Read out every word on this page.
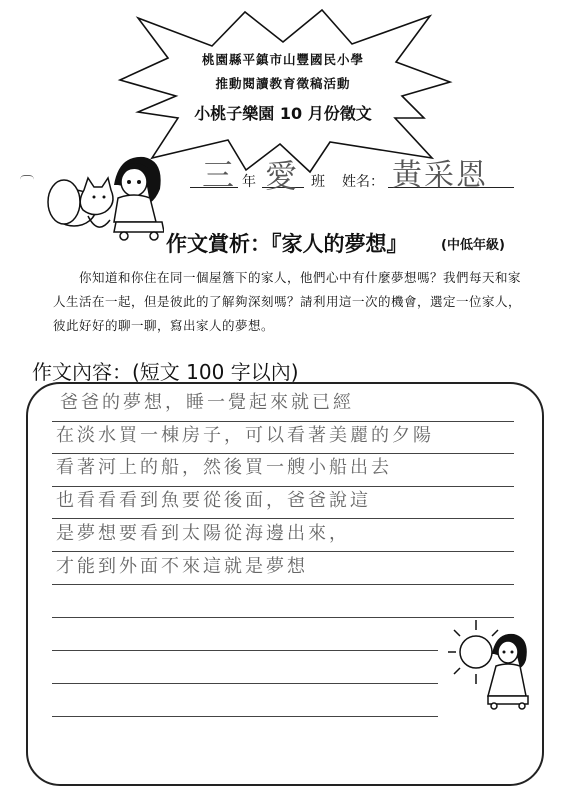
桃園縣平鎮市山豐國民小學
推動閱讀教育徵稿活動
小桃子樂園 10 月份徵文
三 年 愛 班 姓名： 黃采恩
作文賞析：『家人的夢想』	(中低年級)
你知道和你住在同一個屋簷下的家人，他們心中有什麼夢想嗎？我們每天和家人生活在一起，但是彼此的了解夠深刻嗎？請利用這一次的機會，選定一位家人，彼此好好的聊一聊，寫出家人的夢想。
作文內容：(短文 100 字以內)
爸爸的夢想，睡一覺起來就已經
在淡水買一棟房子，可以看著美麗的夕陽
看著河上的船，然後買一艘小船出去
也看看看到魚要從後面，爸爸說這
是夢想要看到太陽從海邊出來，
才能到外面不來這就是夢想
